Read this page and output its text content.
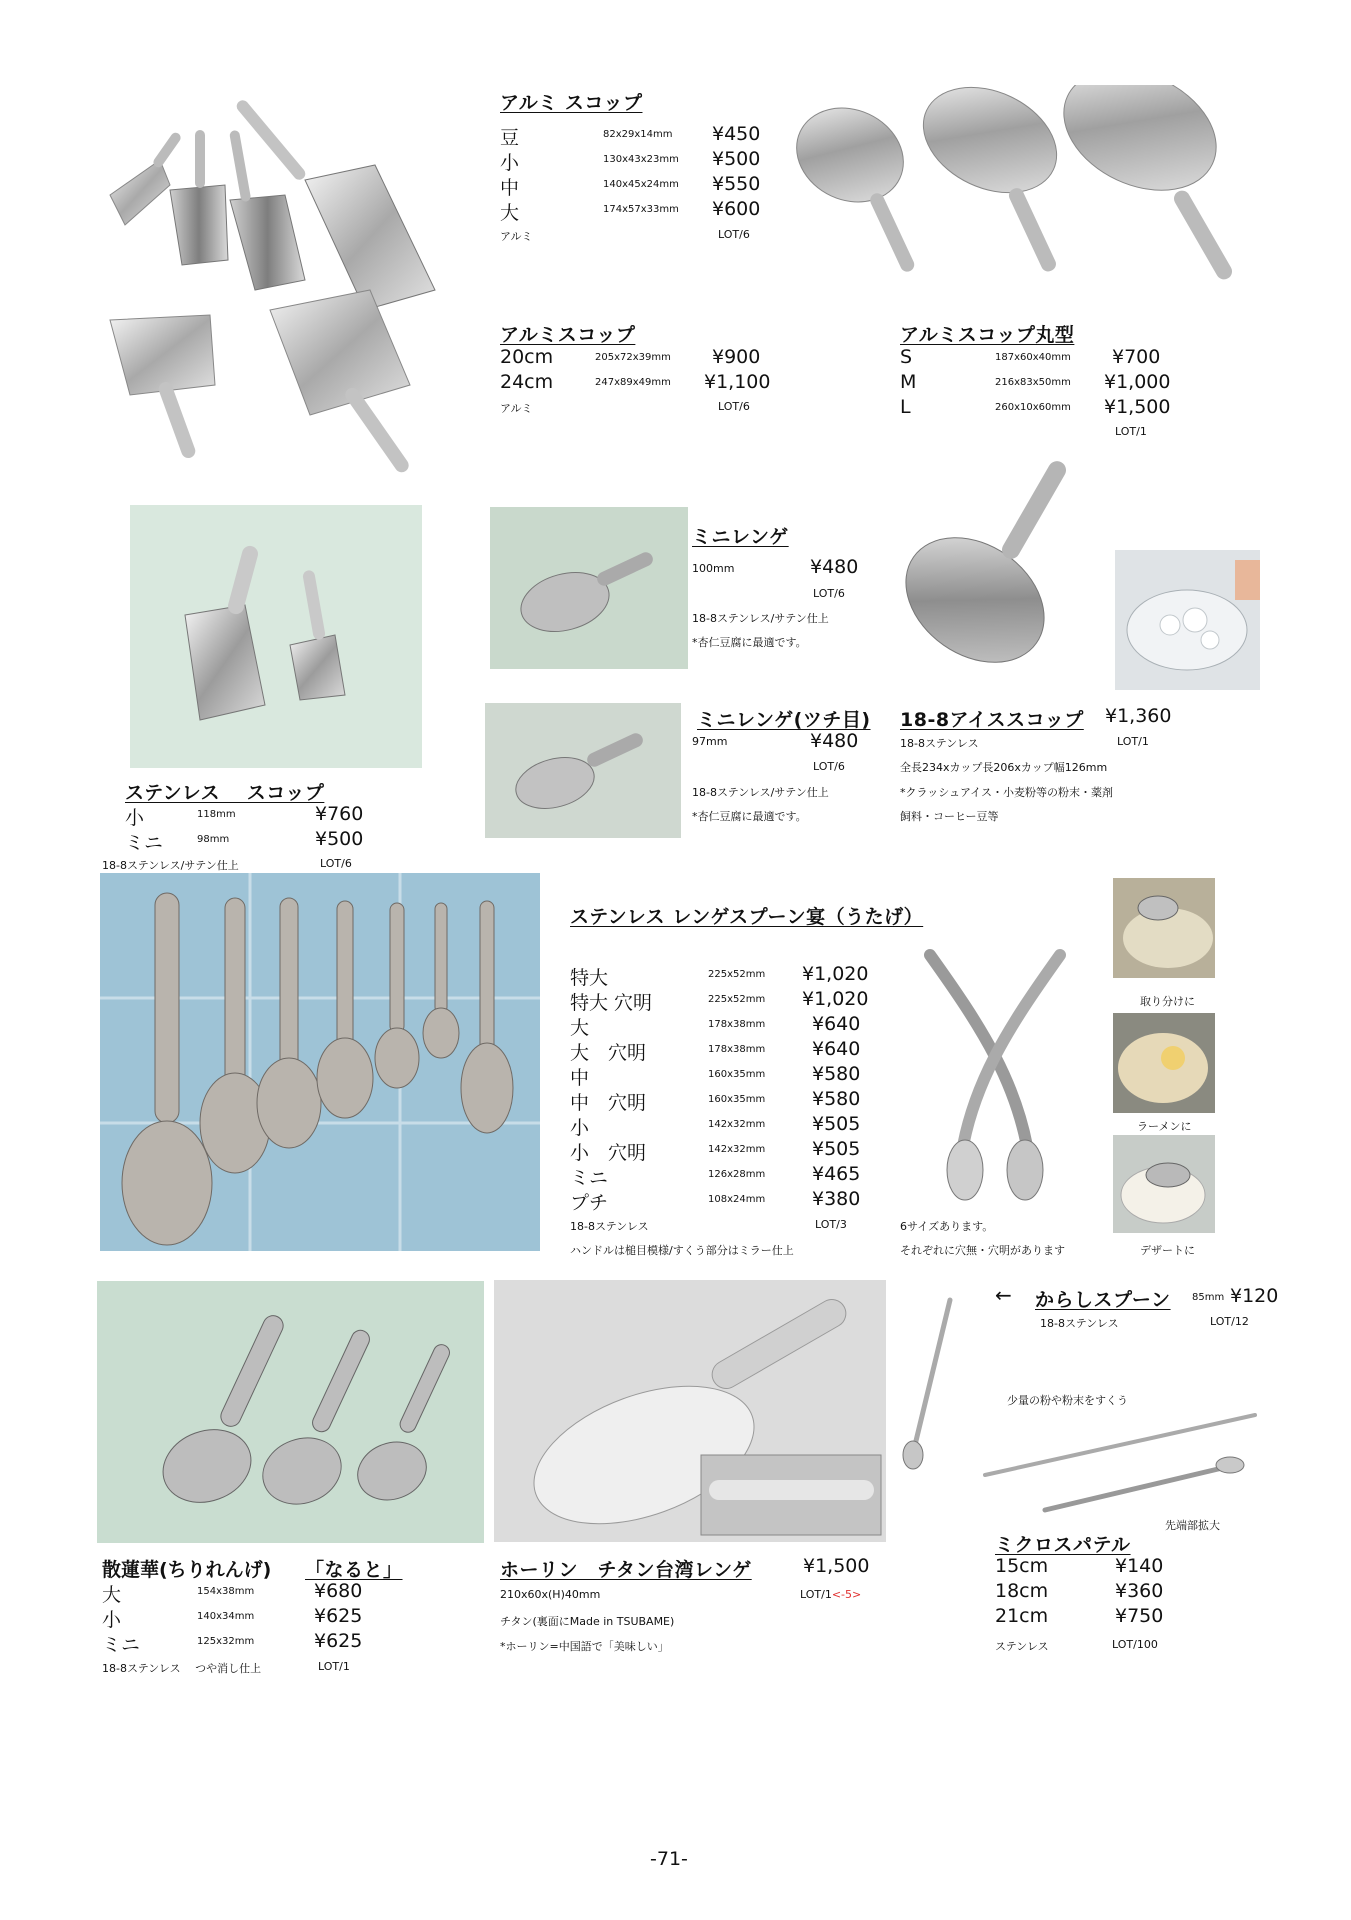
アルミ スコップ
豆	82x29x14mm ¥450
小	130x43x23mm ¥500
中	140x45x24mm ¥550
大	174x57x33mm ¥600
アルミ	LOT/6
アルミスコップ
20cm	205x72x39mm ¥900
24cm	247x89x49mm ¥1,100
アルミ	LOT/6
アルミスコップ丸型
S	187x60x40mm ¥700
M	216x83x50mm ¥1,000
L	260x10x60mm ¥1,500
LOT/1
ミニレンゲ
100mm	¥480
LOT/6
18-8ステンレス/サテン仕上
*杏仁豆腐に最適です。
ミニレンゲ(ツチ目)
97mm	¥480
LOT/6
18-8ステンレス/サテン仕上
*杏仁豆腐に最適です。
18-8アイススコップ ¥1,360
18-8ステンレス	LOT/1
全長234xカップ長206xカップ幅126mm
*クラッシュアイス・小麦粉等の粉末・薬剤
飼料・コーヒー豆等
ステンレス　 スコップ
小	118mm	¥760
ミニ	98mm	¥500
18-8ステンレス/サテン仕上	LOT/6
ステンレス レンゲスプーン宴（うたげ）
特大	225x52mm ¥1,020
特大 穴明	225x52mm ¥1,020
大	178x38mm ¥640
大　穴明	178x38mm ¥640
中	160x35mm ¥580
中　穴明	160x35mm ¥580
小	142x32mm ¥505
小　穴明	142x32mm ¥505
ミニ	126x28mm ¥465
プチ	108x24mm ¥380
18-8ステンレス	LOT/3
ハンドルは槌目模様/すくう部分はミラー仕上
6サイズあります。
それぞれに穴無・穴明があります
取り分けに
ラーメンに
デザートに
← からしスプーン 85mm ¥120
18-8ステンレス	LOT/12
少量の粉や粉末をすくう
先端部拡大
散蓮華(ちりれんげ) 「なると」
大	154x38mm	¥680
小	140x34mm	¥625
ミニ	125x32mm	¥625
18-8ステンレス　 つや消し仕上	LOT/1
ホーリン　チタン台湾レンゲ	¥1,500
210x60x(H)40mm	LOT/1<-5>
チタン(裏面にMade in TSUBAME)
*ホーリン=中国語で「美味しい」
ミクロスパテル
15cm	¥140
18cm	¥360
21cm	¥750
ステンレス	LOT/100
-71-
